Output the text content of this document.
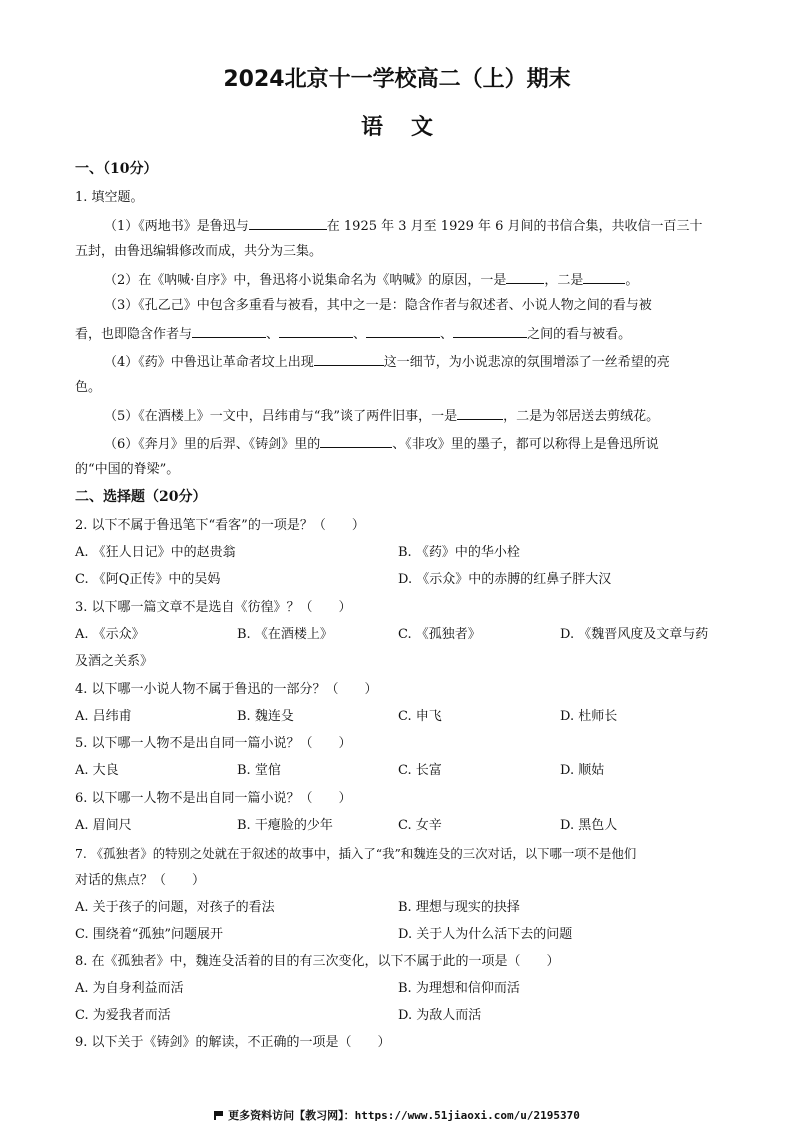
2024北京十一学校高二（上）期末
语文
一、（10分）
1. 填空题。
（1）《两地书》是鲁迅与	在 1925 年 3 月至 1929 年 6 月间的书信合集，共收信一百三十
五封，由鲁迅编辑修改而成，共分为三集。
（2）在《呐喊·自序》中，鲁迅将小说集命名为《呐喊》的原因，一是	，二是	。
（3）《孔乙己》中包含多重看与被看，其中之一是：隐含作者与叙述者、小说人物之间的看与被
看，也即隐含作者与	、	、	、	之间的看与被看。
（4）《药》中鲁迅让革命者坟上出现	这一细节，为小说悲凉的氛围增添了一丝希望的亮
色。
（5）《在酒楼上》一文中，吕纬甫与“我”谈了两件旧事，一是	，二是为邻居送去剪绒花。
（6）《奔月》里的后羿、《铸剑》里的	、《非攻》里的墨子，都可以称得上是鲁迅所说
的“中国的脊梁”。
二、选择题（20分）
2. 以下不属于鲁迅笔下“看客”的一项是？（　　）
A. 《狂人日记》中的赵贵翁	B. 《药》中的华小栓
C. 《阿Q正传》中的吴妈	D. 《示众》中的赤膊的红鼻子胖大汉
3. 以下哪一篇文章不是选自《彷徨》？（　　）
A. 《示众》	B. 《在酒楼上》	C. 《孤独者》	D. 《魏晋风度及文章与药
及酒之关系》
4. 以下哪一小说人物不属于鲁迅的一部分？（　　）
A. 吕纬甫	B. 魏连殳	C. 申飞	D. 杜师长
5. 以下哪一人物不是出自同一篇小说？（　　）
A. 大良	B. 堂倌	C. 长富	D. 顺姑
6. 以下哪一人物不是出自同一篇小说？（　　）
A. 眉间尺	B. 干瘪脸的少年	C. 女辛	D. 黑色人
7. 《孤独者》的特别之处就在于叙述的故事中，插入了“我”和魏连殳的三次对话，以下哪一项不是他们
对话的焦点？（　　）
A. 关于孩子的问题，对孩子的看法	B. 理想与现实的抉择
C. 围绕着“孤独”问题展开	D. 关于人为什么活下去的问题
8. 在《孤独者》中，魏连殳活着的目的有三次变化，以下不属于此的一项是（　　）
A. 为自身利益而活	B. 为理想和信仰而活
C. 为爱我者而活	D. 为敌人而活
9. 以下关于《铸剑》的解读，不正确的一项是（　　）
更多资料访问【教习网】：https://www.51jiaoxi.com/u/2195370
